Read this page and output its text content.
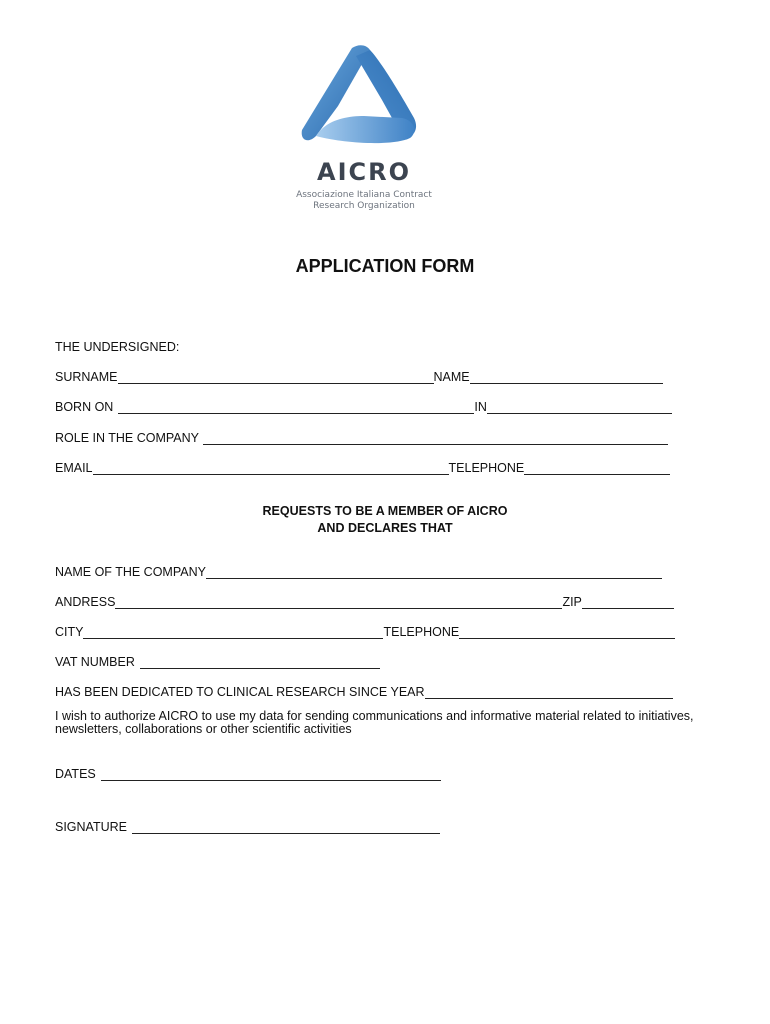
AICRO
Associazione Italiana Contract
Research Organization
APPLICATION FORM
THE UNDERSIGNED:
SURNAME	NAME
BORN ON	IN
ROLE IN THE COMPANY
EMAIL	TELEPHONE
REQUESTS TO BE A MEMBER OF AICRO
AND DECLARES THAT
NAME OF THE COMPANY
ANDRESS	ZIP
CITY	TELEPHONE
VAT NUMBER
HAS BEEN DEDICATED TO CLINICAL RESEARCH SINCE YEAR
I wish to authorize AICRO to use my data for sending communications and informative material related to initiatives, newsletters, collaborations or other scientific activities
DATES
SIGNATURE
